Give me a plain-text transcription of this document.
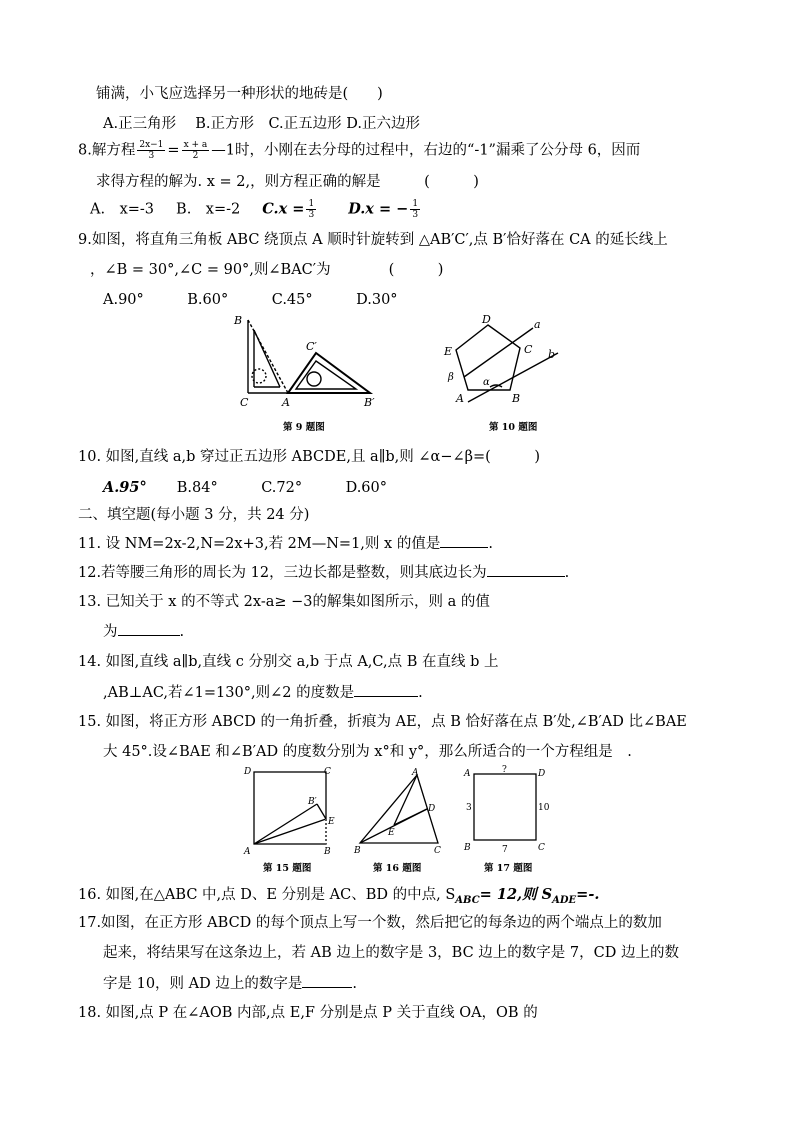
铺满，小飞应选择另一种形状的地砖是(　　)
A.正三角形　 B.正方形　C.正五边形 D.正六边形
8.解方程 $\frac{2x-1}{3} = \frac{x + a}{2}$ —1时，小刚在去分母的过程中，右边的“-1”漏乘了公分母 6，因而
求得方程的解为. x = 2,，则方程正确的解是　　　(　　　)
A.　x=-3 B.　x=-2 $C.x = \frac{1}{3} D.x$ = − $\frac{1}{3}$
9.如图，将直角三角板 ABC 绕顶点 A 顺时针旋转到 △AB′C′,点 B′恰好落在 CA 的延长线上
，∠B = 30°,∠C = 90°,则∠BAC′为　　　　(　　　)
A.90°　　　B.60°　　　C.45°　　　D.30°
B
C	A
C′
B′
第 9 题图
D
C
B
A
E
a
b
β	α
第 10 题图
10. 如图,直线 a,b 穿过正五边形 ABCDE,且 a∥b,则 ∠α−∠β=(　　　)
A.95° B.84°　　　C.72°　　　D.60°
二、填空题(每小题 3 分，共 24 分)
11. 设 NM=2x-2,N=2x+3,若 2M—N=1,则 x 的值是	.
12.若等腰三角形的周长为 12，三边长都是整数，则其底边长为	.
13. 已知关于 x 的不等式 2x-a≥ −3的解集如图所示，则 a 的值
为	.
14. 如图,直线 a∥b,直线 c 分别交 a,b 于点 A,C,点 B 在直线 b 上
,AB⊥AC,若∠1=130°,则∠2 的度数是	.
15. 如图，将正方形 ABCD 的一角折叠，折痕为 AE，点 B 恰好落在点 B′处,∠B′AD 比∠BAE
大 45°.设∠BAE 和∠B′AD 的度数分别为 x°和 y°，那么所适合的一个方程组是　.
D	C
A	B
B′
E
第 15 题图
A
D
E
B	C
第 16 题图
A	D
B	C
?
3	10
7
第 17 题图
16. 如图,在△ABC 中,点 D、E 分别是 AC、BD 的中点, $S_{ABC}= 12$,则 $S_{ADE}=-$.
17.如图，在正方形 ABCD 的每个顶点上写一个数，然后把它的每条边的两个端点上的数加
起来，将结果写在这条边上，若 AB 边上的数字是 3，BC 边上的数字是 7，CD 边上的数
字是 10，则 AD 边上的数字是	.
18. 如图,点 P 在∠AOB 内部,点 E,F 分别是点 P 关于直线 OA，OB 的
